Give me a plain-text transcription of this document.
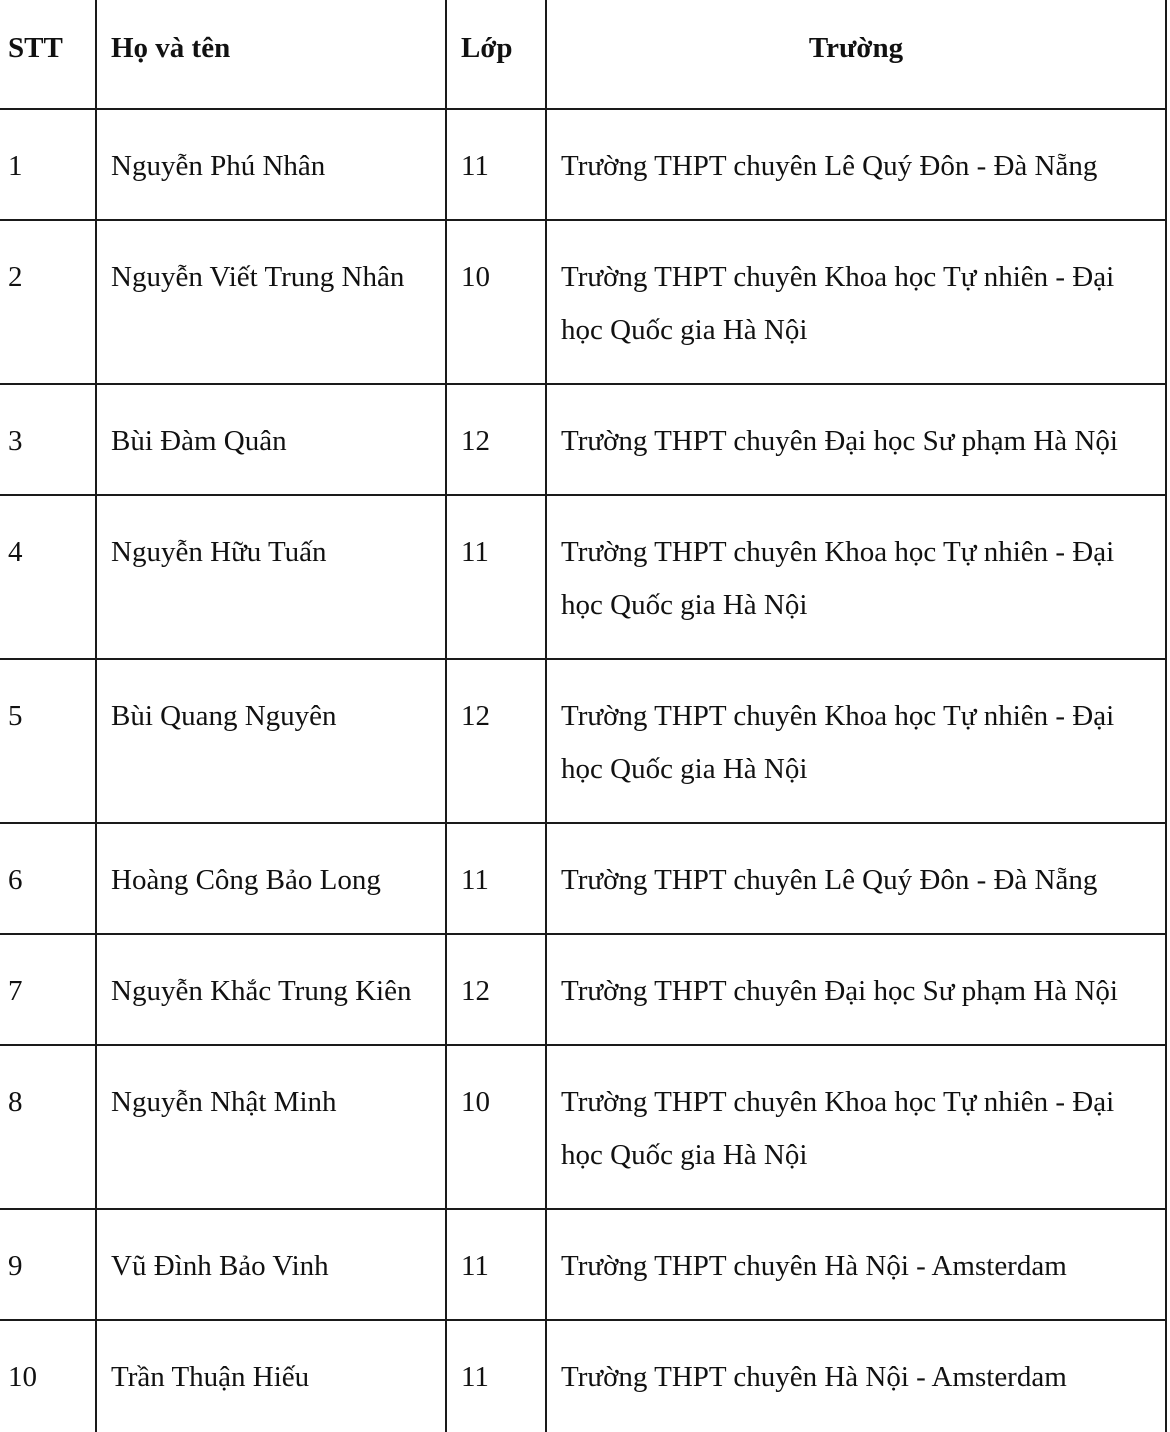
STT	Họ và tên	Lớp	Trường
1	Nguyễn Phú Nhân	11	Trường THPT chuyên Lê Quý Đôn - Đà Nẵng
2	Nguyễn Viết Trung Nhân	10	Trường THPT chuyên Khoa học Tự nhiên - Đại học Quốc gia Hà Nội
3	Bùi Đàm Quân	12	Trường THPT chuyên Đại học Sư phạm Hà Nội
4	Nguyễn Hữu Tuấn	11	Trường THPT chuyên Khoa học Tự nhiên - Đại học Quốc gia Hà Nội
5	Bùi Quang Nguyên	12	Trường THPT chuyên Khoa học Tự nhiên - Đại học Quốc gia Hà Nội
6	Hoàng Công Bảo Long	11	Trường THPT chuyên Lê Quý Đôn - Đà Nẵng
7	Nguyễn Khắc Trung Kiên	12	Trường THPT chuyên Đại học Sư phạm Hà Nội
8	Nguyễn Nhật Minh	10	Trường THPT chuyên Khoa học Tự nhiên - Đại học Quốc gia Hà Nội
9	Vũ Đình Bảo Vinh	11	Trường THPT chuyên Hà Nội - Amsterdam
10	Trần Thuận Hiếu	11	Trường THPT chuyên Hà Nội - Amsterdam
